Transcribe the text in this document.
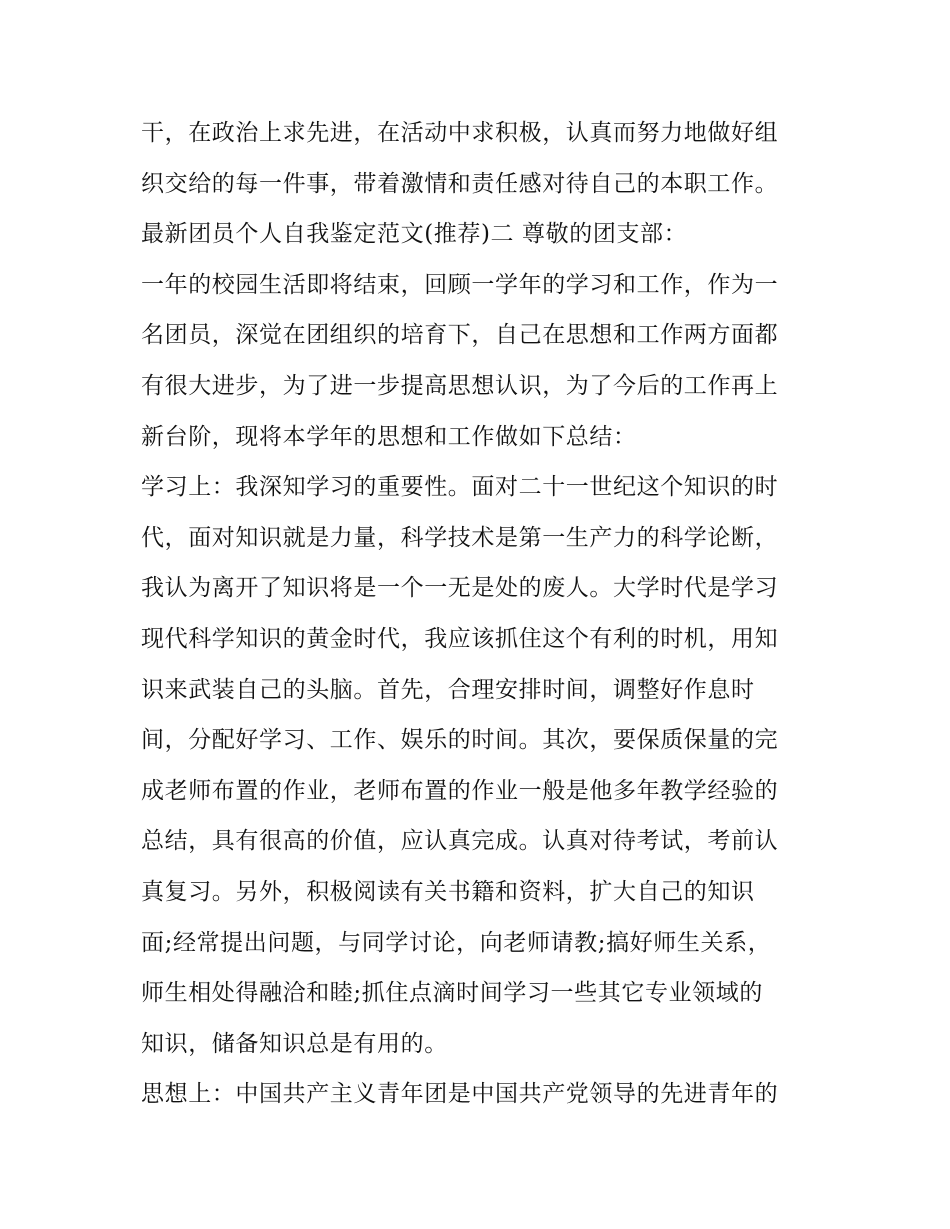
干，在政治上求先进，在活动中求积极，认真而努力地做好组
织交给的每一件事，带着激情和责任感对待自己的本职工作。
最新团员个人自我鉴定范文(推荐)二 尊敬的团支部：
一年的校园生活即将结束，回顾一学年的学习和工作，作为一
名团员，深觉在团组织的培育下，自己在思想和工作两方面都
有很大进步，为了进一步提高思想认识，为了今后的工作再上
新台阶，现将本学年的思想和工作做如下总结：
学习上：我深知学习的重要性。面对二十一世纪这个知识的时
代，面对知识就是力量，科学技术是第一生产力的科学论断，
我认为离开了知识将是一个一无是处的废人。大学时代是学习
现代科学知识的黄金时代，我应该抓住这个有利的时机，用知
识来武装自己的头脑。首先，合理安排时间，调整好作息时
间，分配好学习、工作、娱乐的时间。其次，要保质保量的完
成老师布置的作业，老师布置的作业一般是他多年教学经验的
总结，具有很高的价值，应认真完成。认真对待考试，考前认
真复习。另外，积极阅读有关书籍和资料，扩大自己的知识
面;经常提出问题，与同学讨论，向老师请教;搞好师生关系，
师生相处得融洽和睦;抓住点滴时间学习一些其它专业领域的
知识，储备知识总是有用的。
思想上：中国共产主义青年团是中国共产党领导的先进青年的
